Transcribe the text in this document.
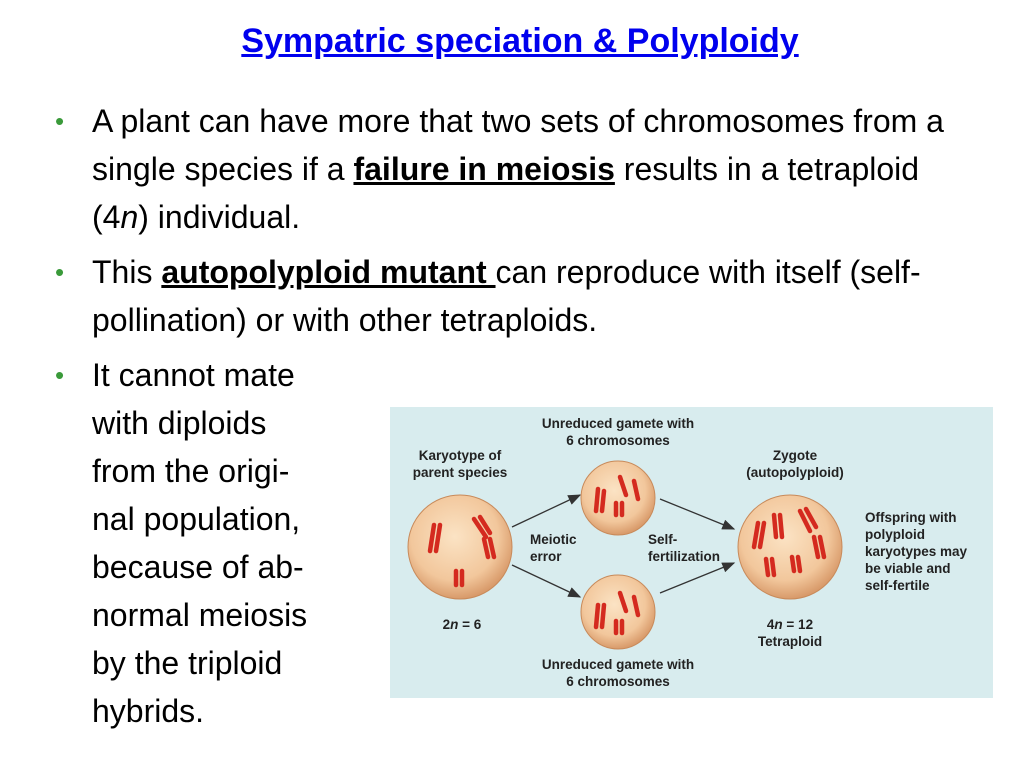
Sympatric speciation & Polyploidy
• A plant can have more that two sets of chromosomes from a single species if a failure in meiosis results in a tetraploid (4n) individual.
• This autopolyploid mutant can reproduce with itself (self-pollination) or with other tetraploids.
• It cannot mate
with diploids
from the origi-
nal population,
because of ab-
normal meiosis
by the triploid
hybrids.
Unreduced gamete with
6 chromosomes
Karyotype of
parent species
Zygote
(autopolyploid)
Meiotic
error
Self-
fertilization
Offspring with
polyploid
karyotypes may
be viable and
self-fertile
2n = 6	4n = 12
Tetraploid
Unreduced gamete with
6 chromosomes
